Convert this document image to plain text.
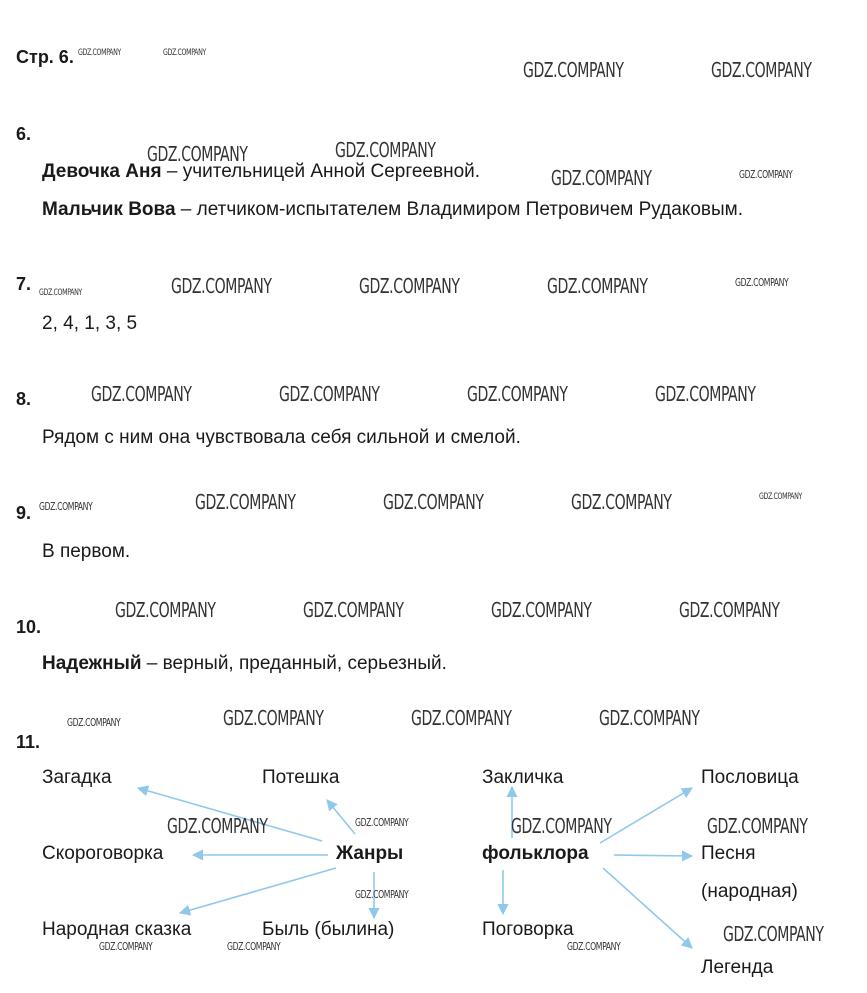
Стр. 6.
6.
Девочка Аня – учительницей Анной Сергеевной.
Мальчик Вова – летчиком-испытателем Владимиром Петровичем Рудаковым.
7.
2, 4, 1, 3, 5
8.
Рядом с ним она чувствовала себя сильной и смелой.
9.
В первом.
10.
Надежный – верный, преданный, серьезный.
11.
Загадка	Потешка
Скороговорка	Жанры
Народная сказка	Быль (былина)
Закличка	Пословица
фольклора	Песня
(народная)
Поговорка
Легенда
GDZ.COMPANY	GDZ.COMPANY
GDZ.COMPANY	GDZ.COMPANY
GDZ.COMPANY	GDZ.COMPANY
GDZ.COMPANY	GDZ.COMPANY
GDZ.COMPANY	GDZ.COMPANY	GDZ.COMPANY	GDZ.COMPANY	GDZ.COMPANY
GDZ.COMPANY	GDZ.COMPANY	GDZ.COMPANY	GDZ.COMPANY
GDZ.COMPANY	GDZ.COMPANY	GDZ.COMPANY	GDZ.COMPANY	GDZ.COMPANY
GDZ.COMPANY	GDZ.COMPANY	GDZ.COMPANY	GDZ.COMPANY
GDZ.COMPANY	GDZ.COMPANY	GDZ.COMPANY	GDZ.COMPANY
GDZ.COMPANY	GDZ.COMPANY	GDZ.COMPANY	GDZ.COMPANY
GDZ.COMPANY
GDZ.COMPANY
GDZ.COMPANY	GDZ.COMPANY	GDZ.COMPANY
